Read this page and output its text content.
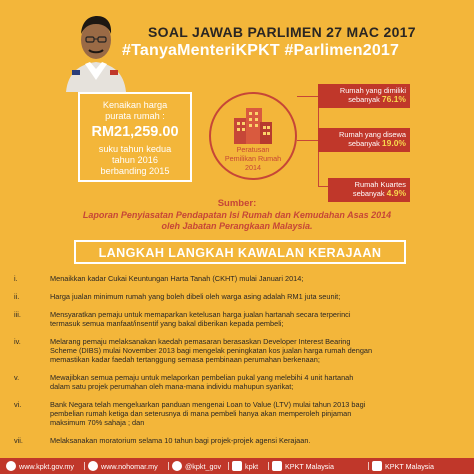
SOAL JAWAB PARLIMEN 27 MAC 2017
#TanyaMenteriKPKT #Parlimen2017
Kenaikan harga
purata rumah :
RM21,259.00
suku tahun kedua
tahun 2016
berbanding 2015
Peratusan
Pemilikan Rumah
2014
Rumah yang dimiliki
sebanyak 76.1%
Rumah yang disewa
sebanyak 19.0%
Rumah Kuartes
sebanyak 4.9%
Sumber:
Laporan Penyiasatan Pendapatan Isi Rumah dan Kemudahan Asas 2014
oleh Jabatan Perangkaan Malaysia.
LANGKAH LANGKAH KAWALAN KERAJAAN
i.	Menaikkan kadar Cukai Keuntungan Harta Tanah (CKHT) mulai Januari 2014;
ii.	Harga jualan minimum rumah yang boleh dibeli oleh warga asing adalah RM1 juta seunit;
iii.	Mensyaratkan pemaju untuk memaparkan ketelusan harga jualan hartanah secara terperinci
termasuk semua manfaat/insentif yang bakal diberikan kepada pembeli;
iv.	Melarang pemaju melaksanakan kaedah pemasaran berasaskan Developer Interest Bearing
Scheme (DIBS) mulai November 2013 bagi mengelak peningkatan kos jualan harga rumah dengan
memastikan kadar faedah tertanggung semasa pembinaan perumahan berkenaan;
v.	Mewajibkan semua pemaju untuk melaporkan pembelian pukal yang melebihi 4 unit hartanah
dalam satu projek perumahan oleh mana-mana individu mahupun syarikat;
vi.	Bank Negara telah mengeluarkan panduan mengenai Loan to Value (LTV) mulai tahun 2013 bagi
pembelian rumah ketiga dan seterusnya di mana pembeli hanya akan memperoleh pinjaman
maksimum 70% sahaja ; dan
vii.	Melaksanakan moratorium selama 10 tahun bagi projek-projek agensi Kerajaan.
www.kpkt.gov.my	www.nohomar.my	@kpkt_gov	kpkt	KPKT Malaysia	KPKT Malaysia
